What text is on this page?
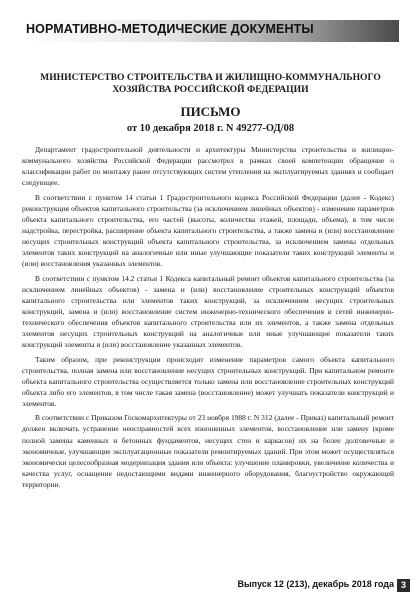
НОРМАТИВНО-МЕТОДИЧЕСКИЕ ДОКУМЕНТЫ
МИНИСТЕРСТВО СТРОИТЕЛЬСТВА И ЖИЛИЩНО-КОММУНАЛЬНОГО ХОЗЯЙСТВА РОССИЙСКОЙ ФЕДЕРАЦИИ
ПИСЬМО
от 10 декабря 2018 г. N 49277-ОД/08

Департамент градостроительной деятельности и архитектуры Министерства строительства и жилищно-коммунального хозяйства Российской Федерации рассмотрел в рамках своей компетенции обращение о классификации работ по монтажу ранее отсутствующих систем утепления на эксплуатируемых зданиях и сообщает следующее.

В соответствии с пунктом 14 статьи 1 Градостроительного кодекса Российской Федерации (далее - Кодекс) реконструкция объектов капитального строительства (за исключением линейных объектов) - изменение параметров объекта капитального строительства, его частей (высоты, количества этажей, площади, объема), в том числе надстройка, перестройка, расширение объекта капитального строительства, а также замена и (или) восстановление несущих строительных конструкций объекта капитального строительства, за исключением замены отдельных элементов таких конструкций на аналогичные или иные улучшающие показатели таких конструкций элементы и (или) восстановления указанных элементов.

В соответствии с пунктом 14.2 статьи 1 Кодекса капитальный ремонт объектов капитального строительства (за исключением линейных объектов) - замена и (или) восстановление строительных конструкций объектов капитального строительства или элементов таких конструкций, за исключением несущих строительных конструкций, замена и (или) восстановление систем инженерно-технического обеспечения и сетей инженерно-технического обеспечения объектов капитального строительства или их элементов, а также замена отдельных элементов несущих строительных конструкций на аналогичные или иные улучшающие показатели таких конструкций элементы и (или) восстановление указанных элементов.

Таким образом, при реконструкции происходит изменение параметров самого объекта капитального строительства, полная замена или восстановление несущих строительных конструкций. При капитальном ремонте объекта капитального строительства осуществляется только замена или восстановление строительных конструкций объекта либо его элементов, в том числе такая замена (восстановление) может улучшать показатели конструкций и элементов.

В соответствии с Приказом Госкомархитектуры от 23 ноября 1988 г. N 312 (далее - Приказ) капитальный ремонт должен включать устранение неисправностей всех изношенных элементов, восстановление или замену (кроме полной замены каменных и бетонных фундаментов, несущих стен и каркасов) их на более долговечные и экономичные, улучшающие эксплуатационные показатели ремонтируемых зданий. При этом может осуществляться экономически целесообразная модернизация здания или объекта: улучшение планировки, увеличение количества и качества услуг, оснащение недостающими видами инженерного оборудования, благоустройство окружающей территории.

Выпуск 12 (213), декабрь 2018 года 3
